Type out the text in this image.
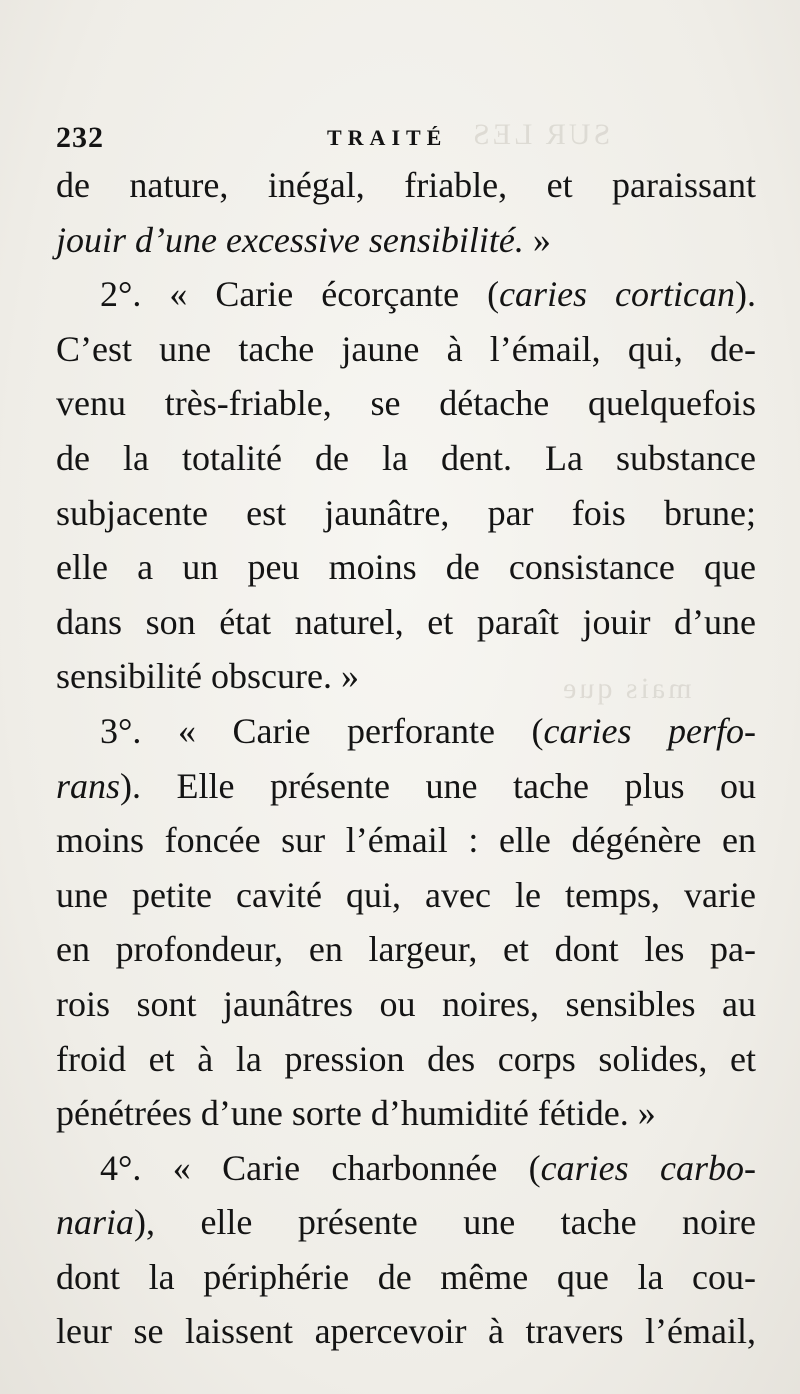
SUR LES
mais que
232	TRAITÉ
de nature, inégal, friable, et paraissant
jouir d’une excessive sensibilité. »
2°. « Carie écorçante (caries cortican).
C’est une tache jaune à l’émail, qui, de-
venu très-friable, se détache quelquefois
de la totalité de la dent. La substance
subjacente est jaunâtre, par fois brune;
elle a un peu moins de consistance que
dans son état naturel, et paraît jouir d’une
sensibilité obscure. »
3°. « Carie perforante (caries perfo-
rans). Elle présente une tache plus ou
moins foncée sur l’émail : elle dégénère en
une petite cavité qui, avec le temps, varie
en profondeur, en largeur, et dont les pa-
rois sont jaunâtres ou noires, sensibles au
froid et à la pression des corps solides, et
pénétrées d’une sorte d’humidité fétide. »
4°. « Carie charbonnée (caries carbo-
naria), elle présente une tache noire
dont la périphérie de même que la cou-
leur se laissent apercevoir à travers l’émail,
